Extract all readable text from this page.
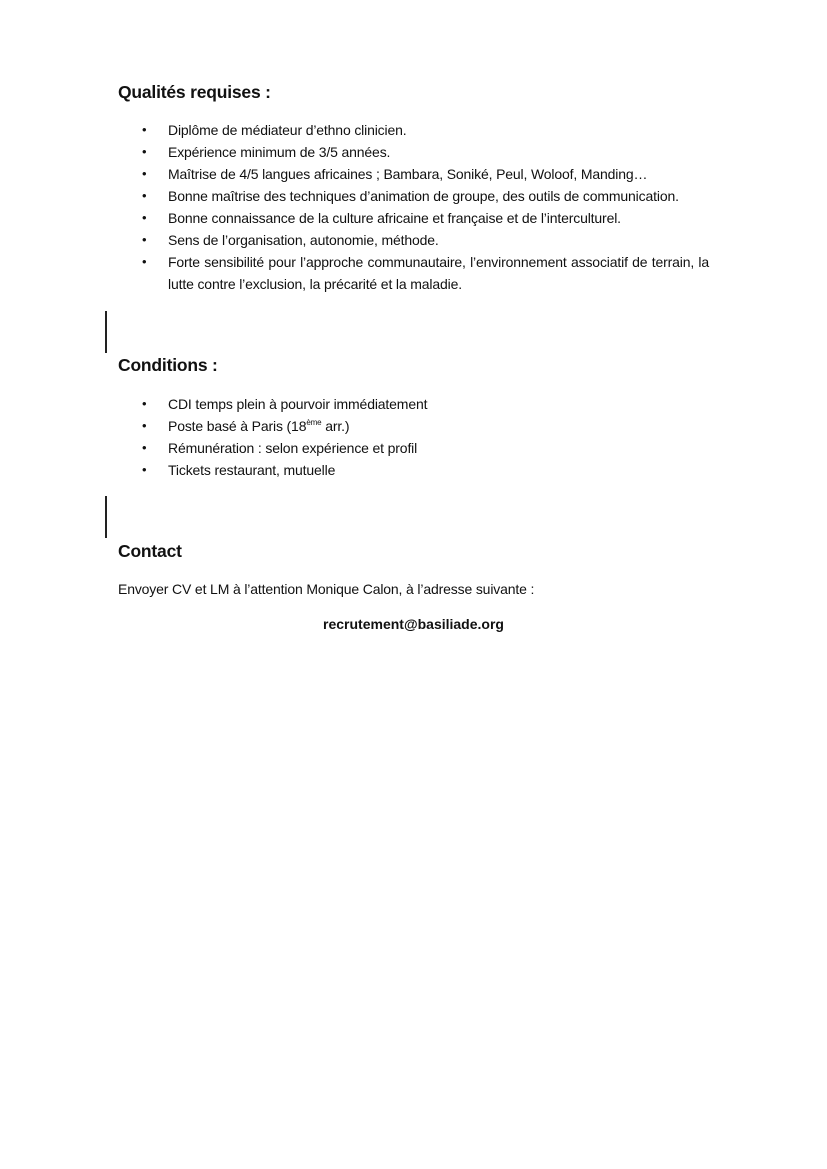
Qualités requises :
• Diplôme de médiateur d’ethno clinicien.
• Expérience minimum de 3/5 années.
• Maîtrise de 4/5 langues africaines ; Bambara, Soniké, Peul, Woloof, Manding…
• Bonne maîtrise des techniques d’animation de groupe, des outils de communication.
• Bonne connaissance de la culture africaine et française et de l’interculturel.
• Sens de l’organisation, autonomie, méthode.
• Forte sensibilité pour l’approche communautaire, l’environnement associatif de terrain, la lutte contre l’exclusion, la précarité et la maladie.
Conditions :
• CDI temps plein à pourvoir immédiatement
• Poste basé à Paris (18ème arr.)
• Rémunération : selon expérience et profil
• Tickets restaurant, mutuelle
Contact

Envoyer CV et LM à l’attention Monique Calon, à l’adresse suivante :

recrutement@basiliade.org
